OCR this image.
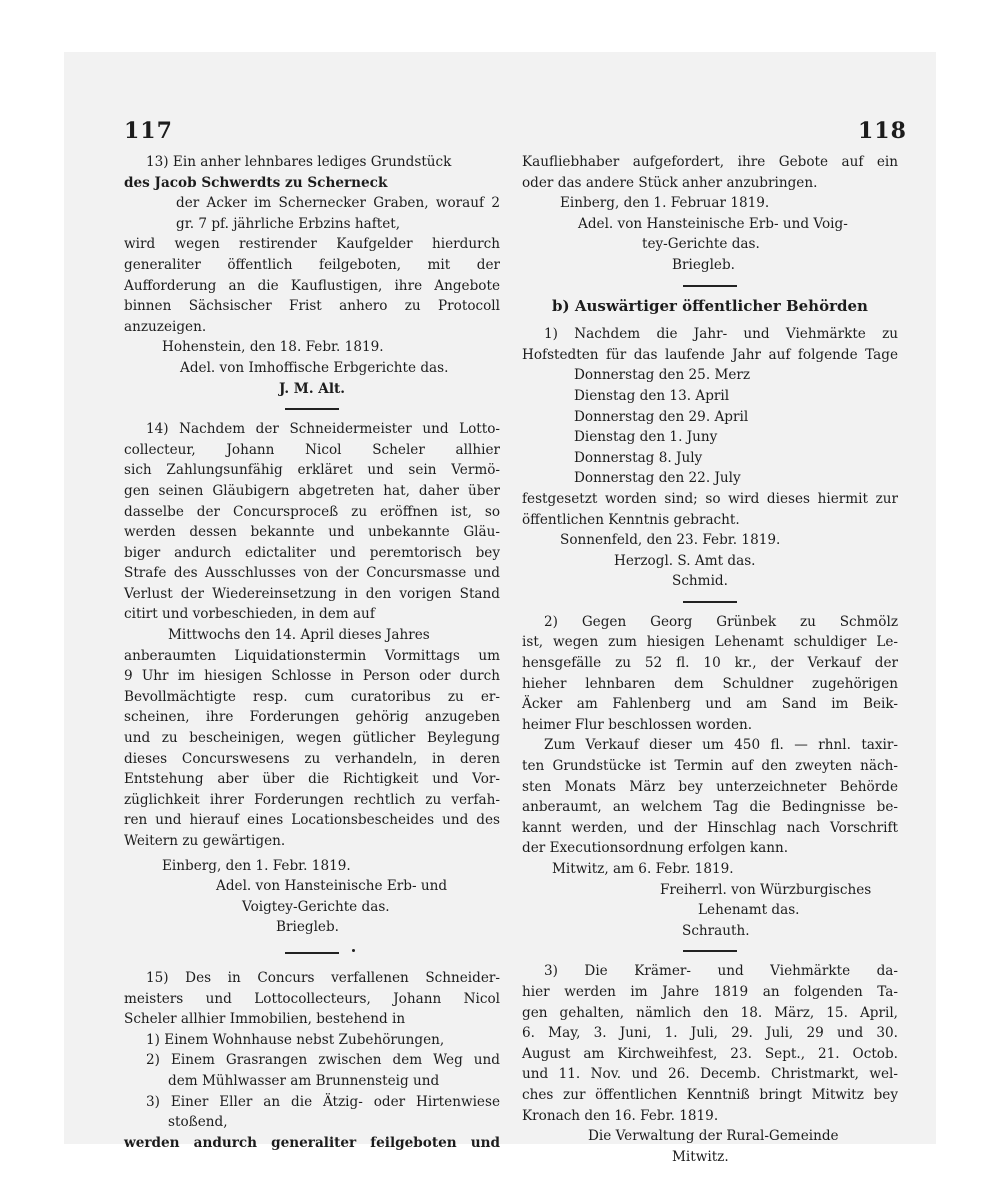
117	118
13) Ein anher lehnbares lediges Grundstück
des Jacob Schwerdts zu Scherneck
der Acker im Schernecker Graben, worauf 2 gr. 7 pf. jährliche Erbzins haftet,
wird wegen restirender Kaufgelder hierdurch generaliter öffentlich feilgeboten, mit der Aufforderung an die Kauflustigen, ihre Angebote binnen Sächsischer Frist anhero zu Protocoll anzuzeigen.
Hohenstein, den 18. Febr. 1819.
Adel. von Imhoffische Erbgerichte das.
J. M. Alt.
14) Nachdem der Schneidermeister und Lotto-
collecteur, Johann Nicol Scheler allhier
sich Zahlungsunfähig erkläret und sein Vermö-
gen seinen Gläubigern abgetreten hat, daher über
dasselbe der Concursproceß zu eröffnen ist, so
werden dessen bekannte und unbekannte Gläu-
biger andurch edictaliter und peremtorisch bey
Strafe des Ausschlusses von der Concursmasse und
Verlust der Wiedereinsetzung in den vorigen Stand
citirt und vorbeschieden, in dem auf
Mittwochs den 14. April dieses Jahres
anberaumten Liquidationstermin Vormittags um
9 Uhr im hiesigen Schlosse in Person oder durch
Bevollmächtigte resp. cum curatoribus zu er-
scheinen, ihre Forderungen gehörig anzugeben
und zu bescheinigen, wegen gütlicher Beylegung
dieses Concurswesens zu verhandeln, in deren
Entstehung aber über die Richtigkeit und Vor-
züglichkeit ihrer Forderungen rechtlich zu verfah-
ren und hierauf eines Locationsbescheides und des
Weitern zu gewärtigen.
Einberg, den 1. Febr. 1819.
Adel. von Hansteinische Erb- und
Voigtey-Gerichte das.
Briegleb.
15) Des in Concurs verfallenen Schneider-
meisters und Lottocollecteurs, Johann Nicol
Scheler allhier Immobilien, bestehend in
1) Einem Wohnhause nebst Zubehörungen,
2) Einem Grasrangen zwischen dem Weg und
dem Mühlwasser am Brunnensteig und
3) Einer Eller an die Ätzig- oder Hirtenwiese
stoßend,
werden andurch generaliter feilgeboten und
Kaufliebhaber aufgefordert, ihre Gebote auf ein
oder das andere Stück anher anzubringen.
Einberg, den 1. Februar 1819.
Adel. von Hansteinische Erb- und Voig-
tey-Gerichte das.
Briegleb.
b) Auswärtiger öffentlicher Behörden
1) Nachdem die Jahr- und Viehmärkte zu
Hofstedten für das laufende Jahr auf folgende Tage
Donnerstag den 25. Merz
Dienstag den 13. April
Donnerstag den 29. April
Dienstag den 1. Juny
Donnerstag 8. July
Donnerstag den 22. July
festgesetzt worden sind; so wird dieses hiermit zur
öffentlichen Kenntnis gebracht.
Sonnenfeld, den 23. Febr. 1819.
Herzogl. S. Amt das.
Schmid.
2) Gegen Georg Grünbek zu Schmölz
ist, wegen zum hiesigen Lehenamt schuldiger Le-
hensgefälle zu 52 fl. 10 kr., der Verkauf der
hieher lehnbaren dem Schuldner zugehörigen
Äcker am Fahlenberg und am Sand im Beik-
heimer Flur beschlossen worden.
Zum Verkauf dieser um 450 fl. — rhnl. taxir-
ten Grundstücke ist Termin auf den zweyten näch-
sten Monats März bey unterzeichneter Behörde
anberaumt, an welchem Tag die Bedingnisse be-
kannt werden, und der Hinschlag nach Vorschrift
der Executionsordnung erfolgen kann.
Mitwitz, am 6. Febr. 1819.
Freiherrl. von Würzburgisches
Lehenamt das.
Schrauth.
3) Die Krämer- und Viehmärkte da-
hier werden im Jahre 1819 an folgenden Ta-
gen gehalten, nämlich den 18. März, 15. April,
6. May, 3. Juni, 1. Juli, 29. Juli, 29 und 30.
August am Kirchweihfest, 23. Sept., 21. Octob.
und 11. Nov. und 26. Decemb. Christmarkt, wel-
ches zur öffentlichen Kenntniß bringt Mitwitz bey
Kronach den 16. Febr. 1819.
Die Verwaltung der Rural-Gemeinde
Mitwitz.
